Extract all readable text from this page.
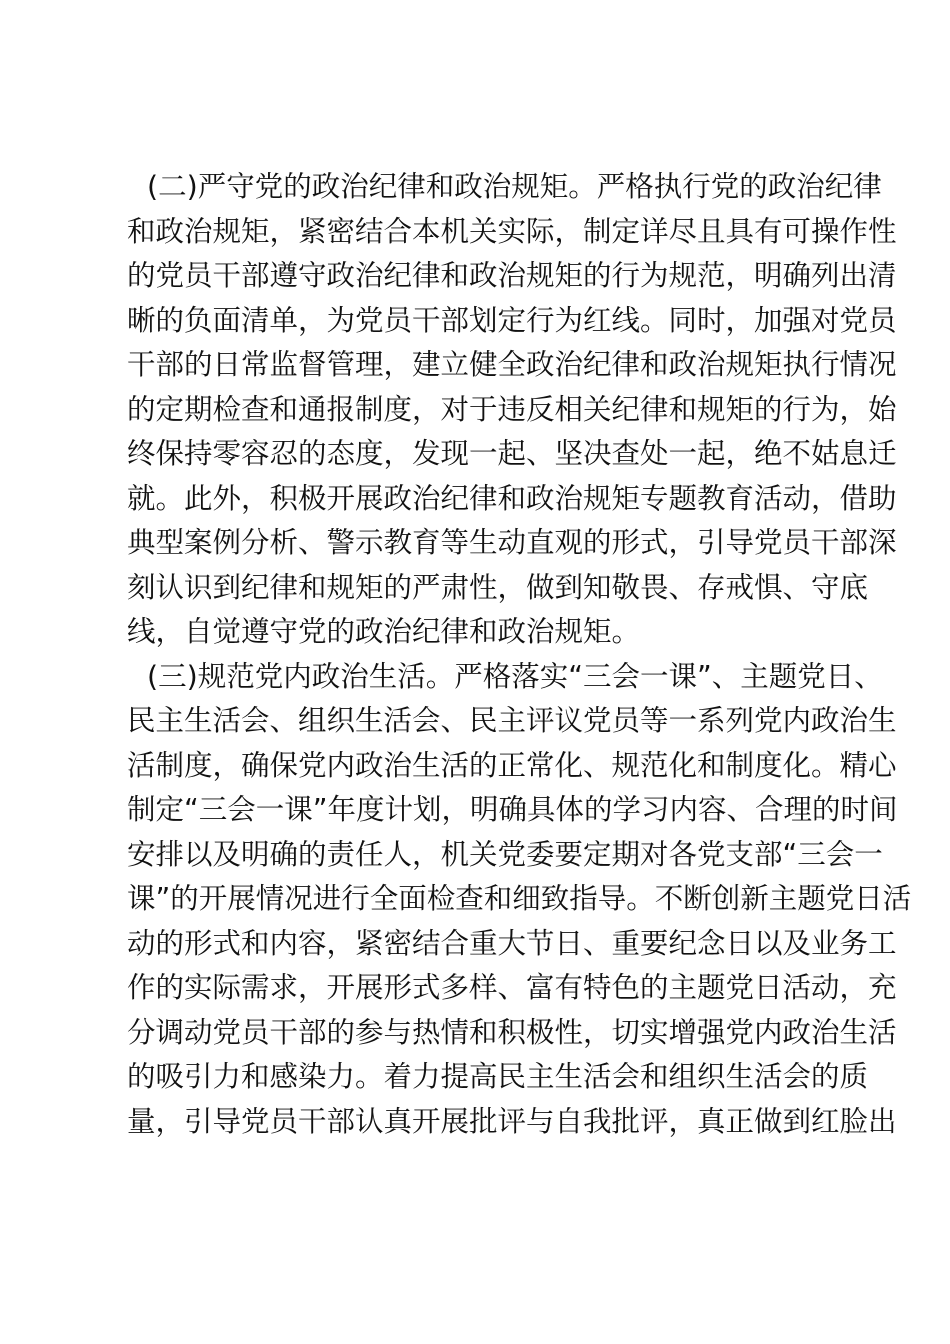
(二)严守党的政治纪律和政治规矩。严格执行党的政治纪律
和政治规矩，紧密结合本机关实际，制定详尽且具有可操作性
的党员干部遵守政治纪律和政治规矩的行为规范，明确列出清
晰的负面清单，为党员干部划定行为红线。同时，加强对党员
干部的日常监督管理，建立健全政治纪律和政治规矩执行情况
的定期检查和通报制度，对于违反相关纪律和规矩的行为，始
终保持零容忍的态度，发现一起、坚决查处一起，绝不姑息迁
就。此外，积极开展政治纪律和政治规矩专题教育活动，借助
典型案例分析、警示教育等生动直观的形式，引导党员干部深
刻认识到纪律和规矩的严肃性，做到知敬畏、存戒惧、守底
线，自觉遵守党的政治纪律和政治规矩。
(三)规范党内政治生活。严格落实“三会一课”、主题党日、
民主生活会、组织生活会、民主评议党员等一系列党内政治生
活制度，确保党内政治生活的正常化、规范化和制度化。精心
制定“三会一课”年度计划，明确具体的学习内容、合理的时间
安排以及明确的责任人，机关党委要定期对各党支部“三会一
课”的开展情况进行全面检查和细致指导。不断创新主题党日活
动的形式和内容，紧密结合重大节日、重要纪念日以及业务工
作的实际需求，开展形式多样、富有特色的主题党日活动，充
分调动党员干部的参与热情和积极性，切实增强党内政治生活
的吸引力和感染力。着力提高民主生活会和组织生活会的质
量，引导党员干部认真开展批评与自我批评，真正做到红脸出
